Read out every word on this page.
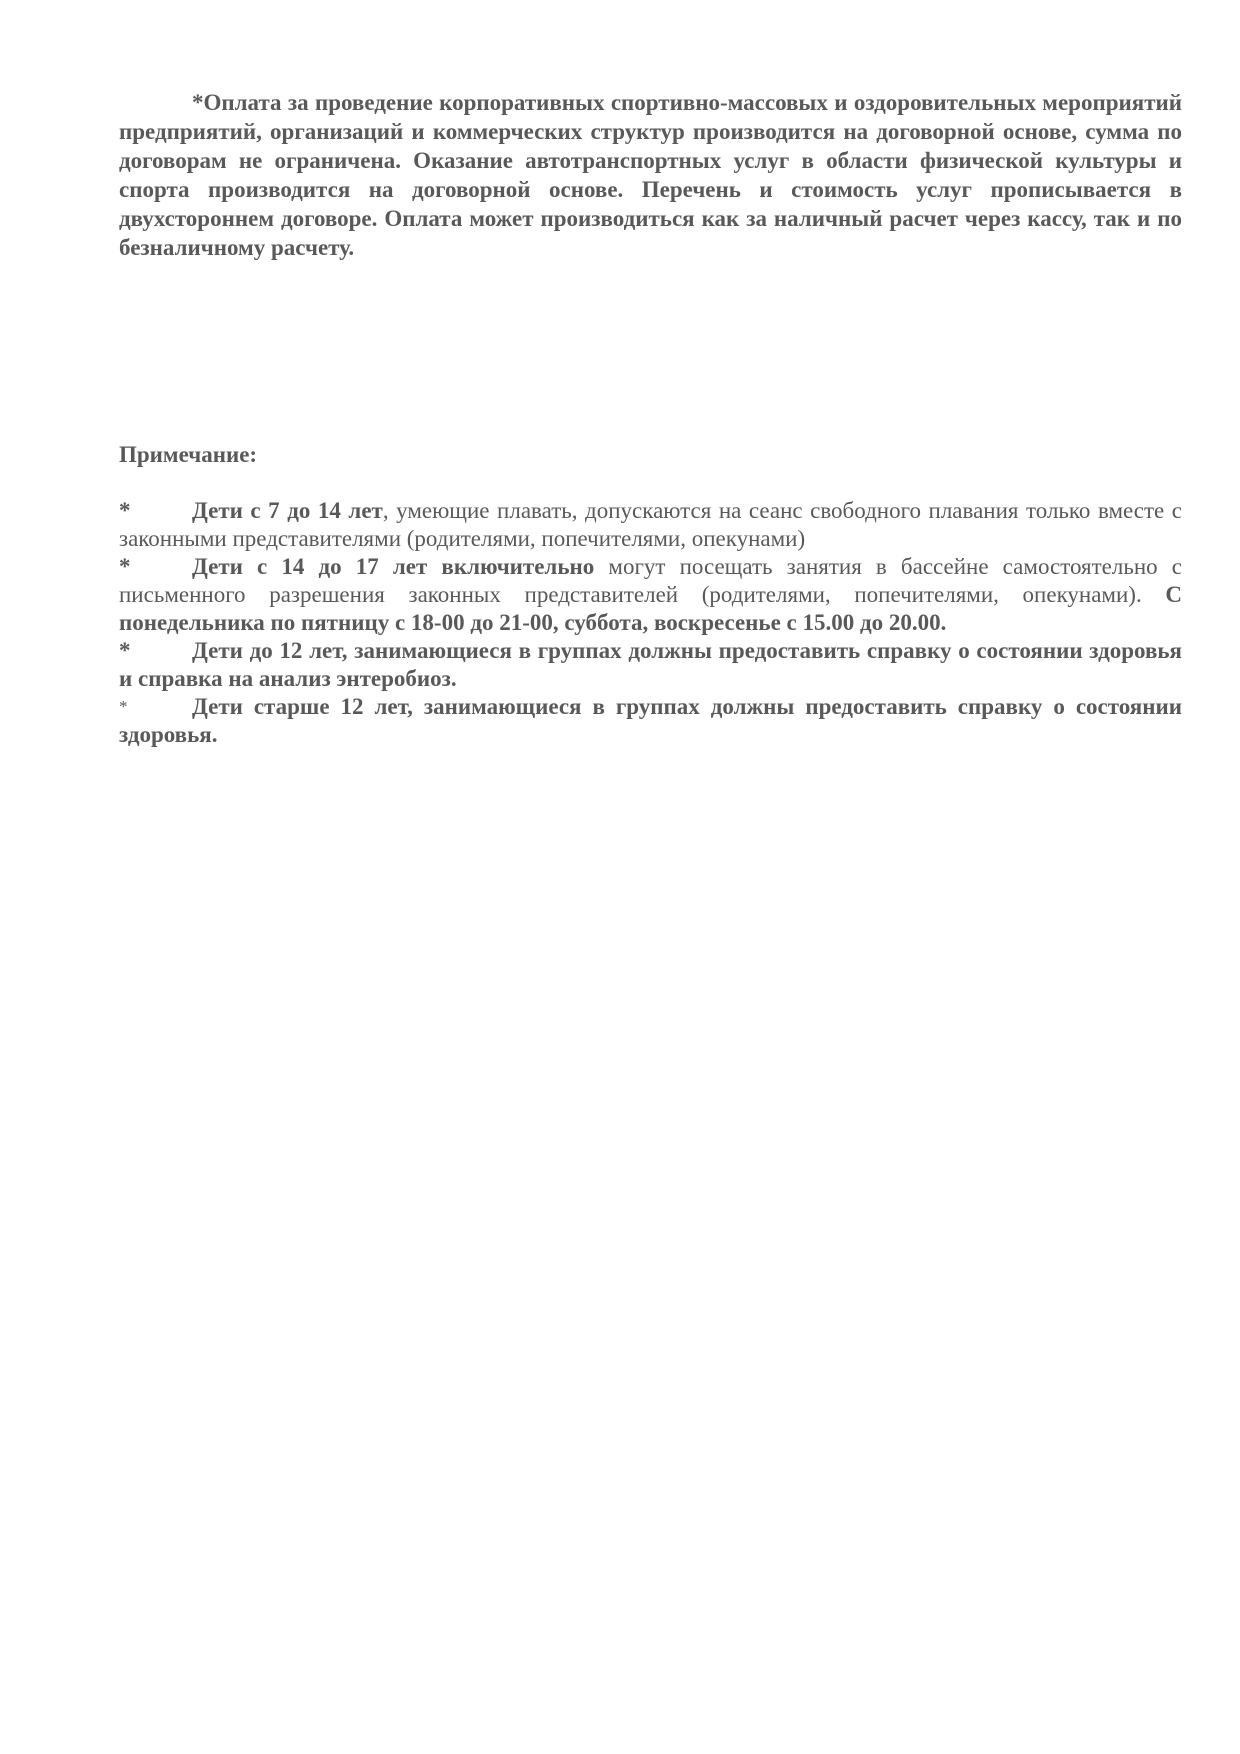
*Оплата за проведение корпоративных спортивно-массовых и оздоровительных мероприятий предприятий, организаций и коммерческих структур производится на договорной основе, сумма по договорам не ограничена. Оказание автотранспортных услуг в области физической культуры и спорта производится на договорной основе. Перечень и стоимость услуг прописывается в двухстороннем договоре. Оплата может производиться как за наличный расчет через кассу, так и по безналичному расчету.

Примечание:

*	Дети с 7 до 14 лет, умеющие плавать, допускаются на сеанс свободного плавания только вместе с законными представителями (родителями, попечителями, опекунами)
*	Дети с 14 до 17 лет включительно могут посещать занятия в бассейне самостоятельно с письменного разрешения законных представителей (родителями, попечителями, опекунами). С понедельника по пятницу с 18-00 до 21-00, суббота, воскресенье с 15.00 до 20.00.
*	Дети до 12 лет, занимающиеся в группах должны предоставить справку о состоянии здоровья и справка на анализ энтеробиоз.
*	Дети старше 12 лет, занимающиеся в группах должны предоставить справку о состоянии здоровья.
